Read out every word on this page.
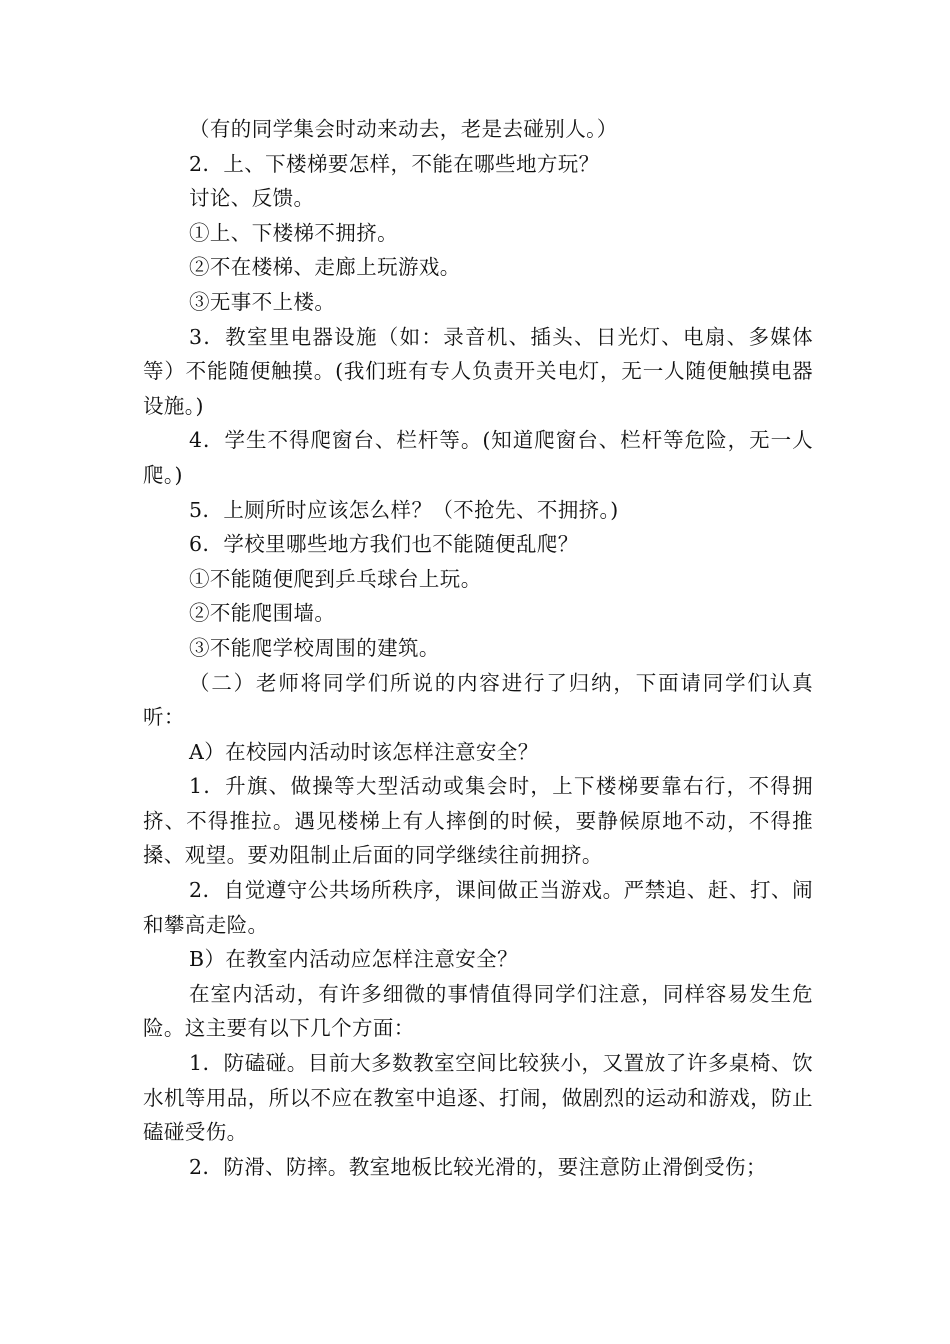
（有的同学集会时动来动去，老是去碰别人。）

2．上、下楼梯要怎样，不能在哪些地方玩？

讨论、反馈。

①上、下楼梯不拥挤。

②不在楼梯、走廊上玩游戏。

③无事不上楼。

3．教室里电器设施（如：录音机、插头、日光灯、电扇、多媒体等）不能随便触摸。(我们班有专人负责开关电灯，无一人随便触摸电器设施。)

4．学生不得爬窗台、栏杆等。(知道爬窗台、栏杆等危险，无一人爬。)

5．上厕所时应该怎么样？（不抢先、不拥挤。)

6．学校里哪些地方我们也不能随便乱爬？

①不能随便爬到乒乓球台上玩。

②不能爬围墙。

③不能爬学校周围的建筑。

（二）老师将同学们所说的内容进行了归纳，下面请同学们认真听：

A）在校园内活动时该怎样注意安全？

1．升旗、做操等大型活动或集会时，上下楼梯要靠右行，不得拥挤、不得推拉。遇见楼梯上有人摔倒的时候，要静候原地不动，不得推搡、观望。要劝阻制止后面的同学继续往前拥挤。

2．自觉遵守公共场所秩序，课间做正当游戏。严禁追、赶、打、闹和攀高走险。

B）在教室内活动应怎样注意安全？

在室内活动，有许多细微的事情值得同学们注意，同样容易发生危险。这主要有以下几个方面：

1．防磕碰。目前大多数教室空间比较狭小，又置放了许多桌椅、饮水机等用品，所以不应在教室中追逐、打闹，做剧烈的运动和游戏，防止磕碰受伤。

2．防滑、防摔。教室地板比较光滑的，要注意防止滑倒受伤；
